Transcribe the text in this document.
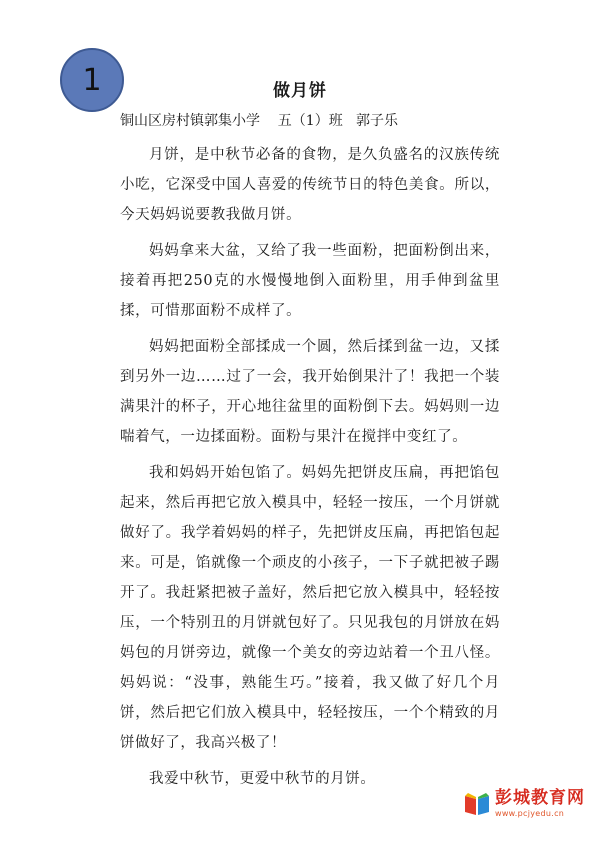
1	做月饼
铜山区房村镇郭集小学    五（1）班   郭子乐

月饼，是中秋节必备的食物，是久负盛名的汉族传统小吃，它深受中国人喜爱的传统节日的特色美食。所以，今天妈妈说要教我做月饼。

妈妈拿来大盆，又给了我一些面粉，把面粉倒出来，接着再把250克的水慢慢地倒入面粉里，用手伸到盆里揉，可惜那面粉不成样了。

妈妈把面粉全部揉成一个圆，然后揉到盆一边，又揉到另外一边……过了一会，我开始倒果汁了！我把一个装满果汁的杯子，开心地往盆里的面粉倒下去。妈妈则一边喘着气，一边揉面粉。面粉与果汁在搅拌中变红了。

我和妈妈开始包馅了。妈妈先把饼皮压扁，再把馅包起来，然后再把它放入模具中，轻轻一按压，一个月饼就做好了。我学着妈妈的样子，先把饼皮压扁，再把馅包起来。可是，馅就像一个顽皮的小孩子，一下子就把被子踢开了。我赶紧把被子盖好，然后把它放入模具中，轻轻按压，一个特别丑的月饼就包好了。只见我包的月饼放在妈妈包的月饼旁边，就像一个美女的旁边站着一个丑八怪。妈妈说：“没事，熟能生巧。”接着，我又做了好几个月饼，然后把它们放入模具中，轻轻按压，一个个精致的月饼做好了，我高兴极了！

我爱中秋节，更爱中秋节的月饼。

彭城教育网
www.pcjyedu.cn
